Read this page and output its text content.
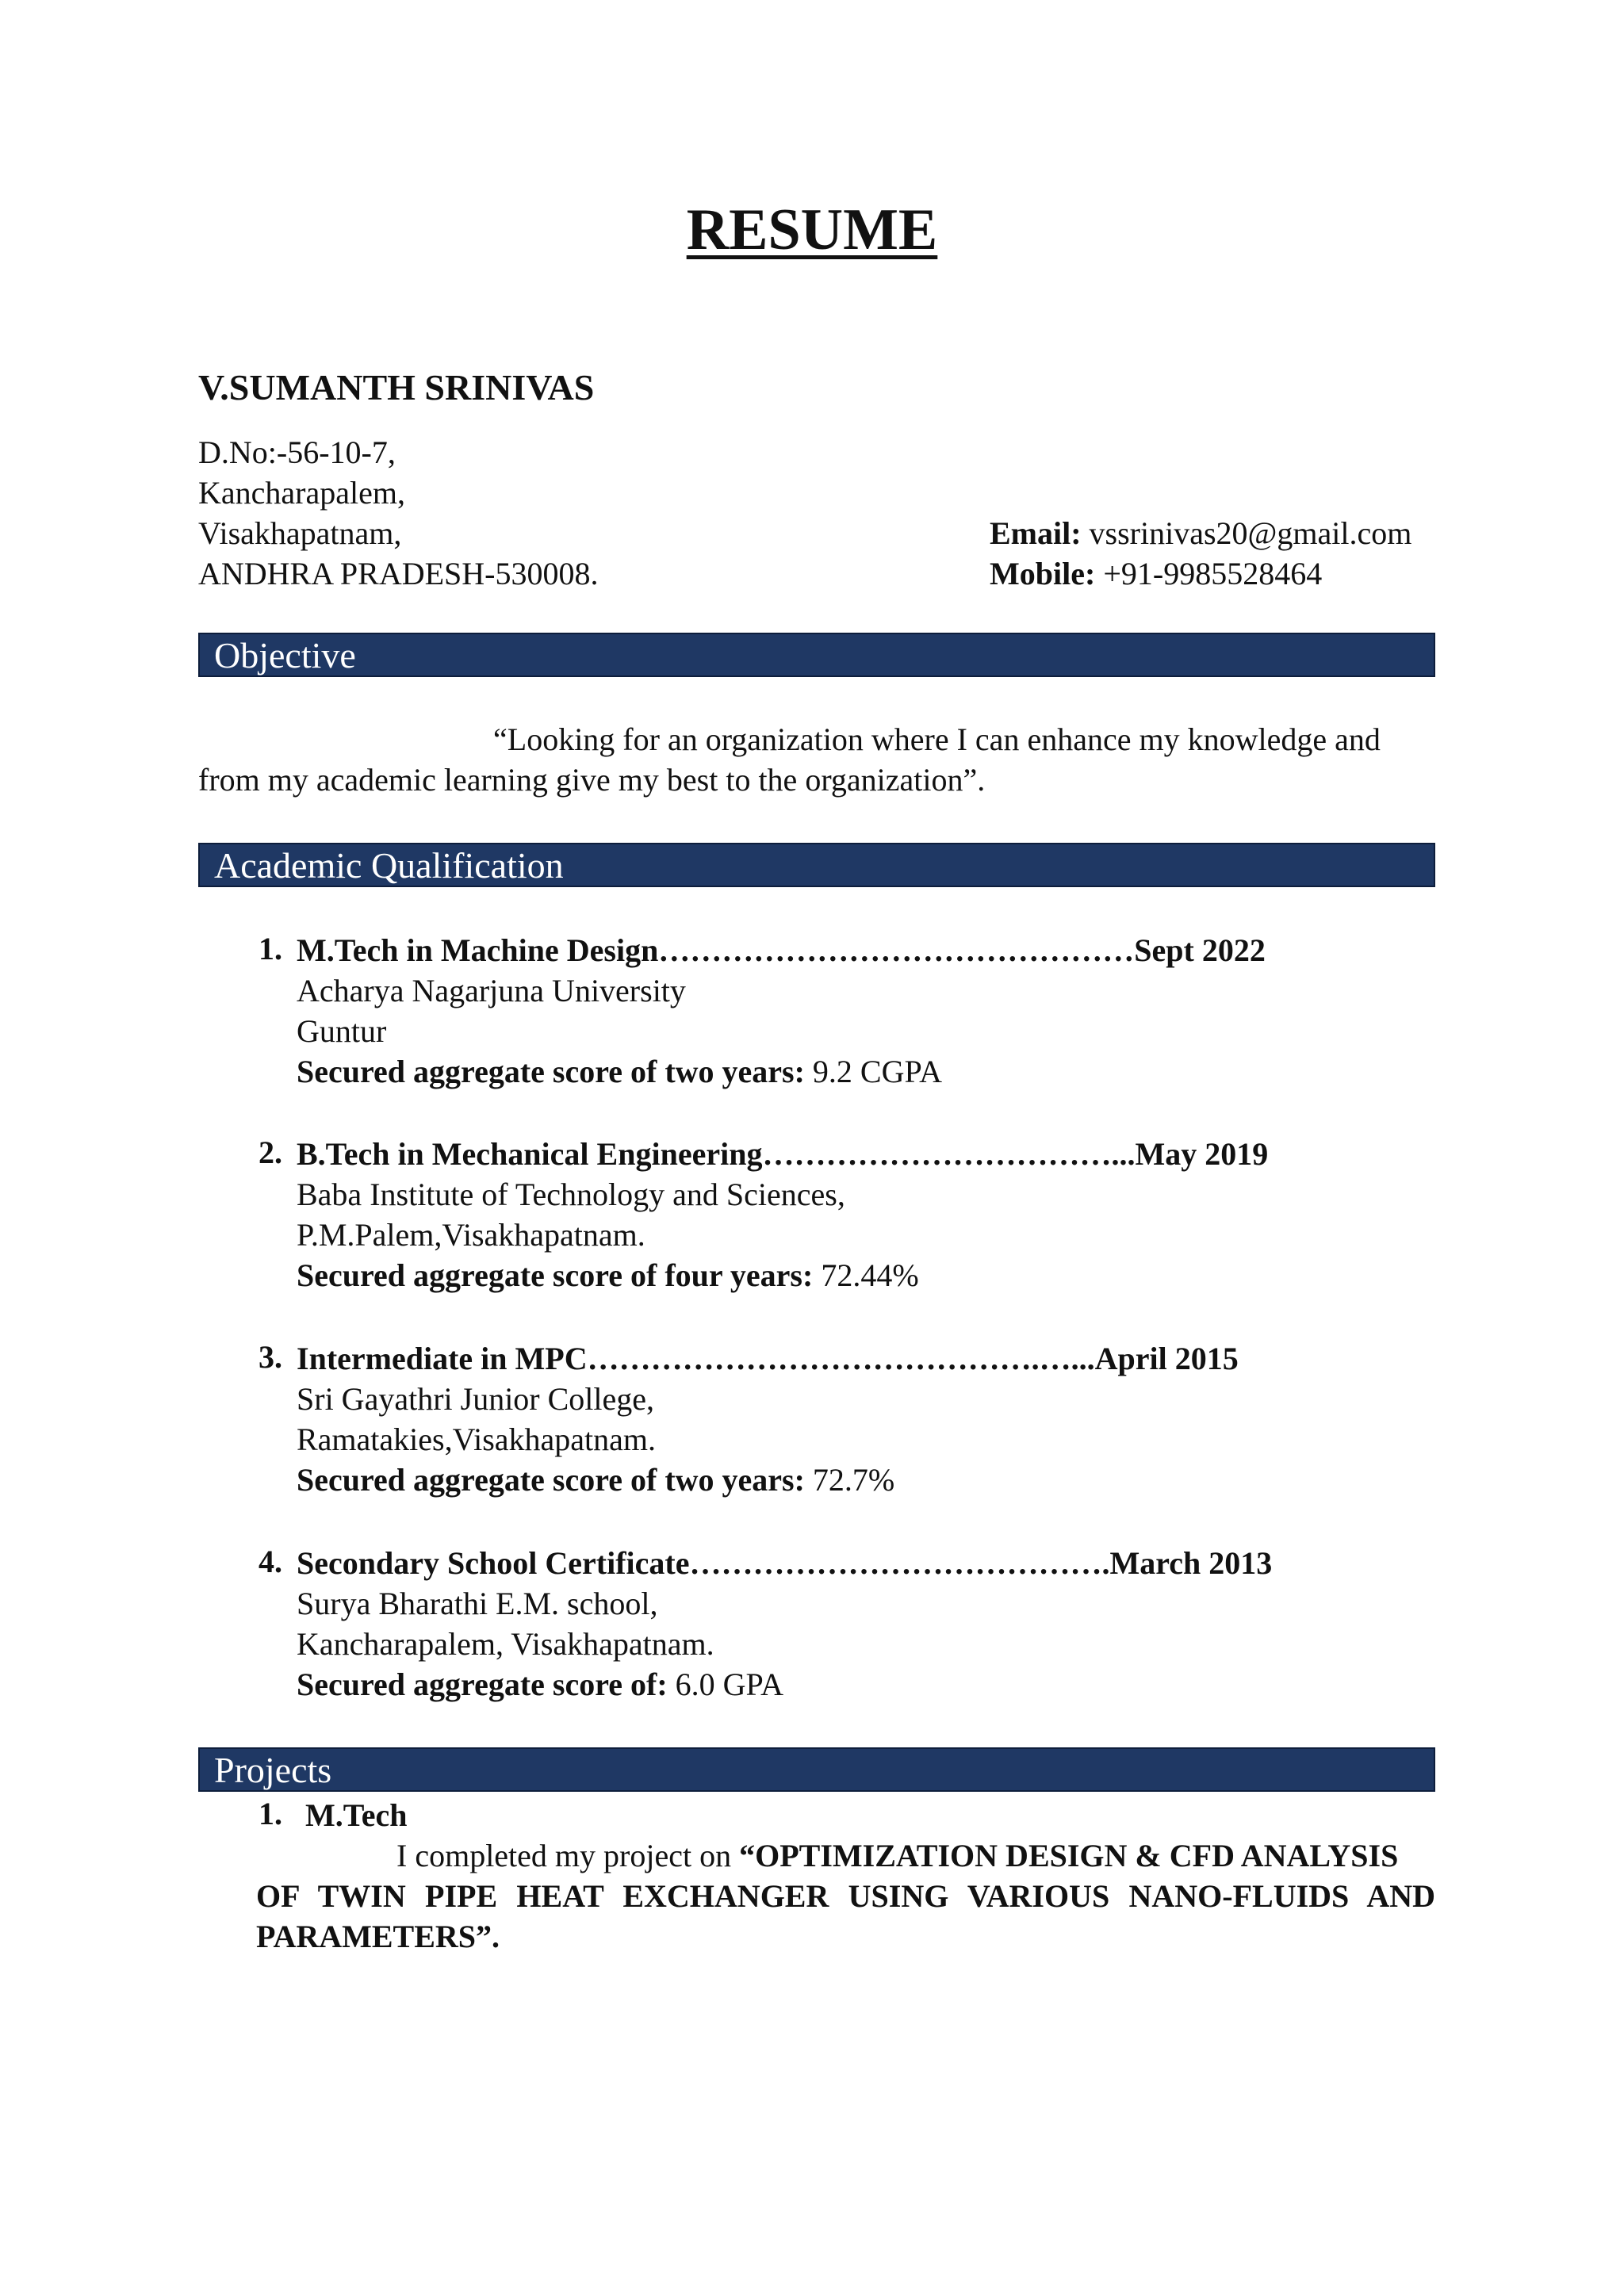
RESUME
V.SUMANTH SRINIVAS
D.No:-56-10-7,
Kancharapalem,
Visakhapatnam,
ANDHRA PRADESH-530008.
Email: vssrinivas20@gmail.com
Mobile: +91-9985528464
Objective
“Looking for an organization where I can enhance my knowledge and
from my academic learning give my best to the organization”.
Academic Qualification
1. M.Tech in Machine Design………………………………………Sept 2022
Acharya Nagarjuna University
Guntur
Secured aggregate score of two years: 9.2 CGPA
2. B.Tech in Mechanical Engineering……………………………...May 2019
Baba Institute of Technology and Sciences,
P.M.Palem,Visakhapatnam.
Secured aggregate score of four years: 72.44%
3. Intermediate in MPC…………………………………….…...April 2015
Sri Gayathri Junior College,
Ramatakies,Visakhapatnam.
Secured aggregate score of two years: 72.7%
4. Secondary School Certificate………………………………….March 2013
Surya Bharathi E.M. school,
Kancharapalem, Visakhapatnam.
Secured aggregate score of: 6.0 GPA
Projects
1. M.Tech
I completed my project on “OPTIMIZATION DESIGN & CFD ANALYSIS
OF TWIN PIPE HEAT EXCHANGER USING VARIOUS NANO-FLUIDS AND
PARAMETERS”.
